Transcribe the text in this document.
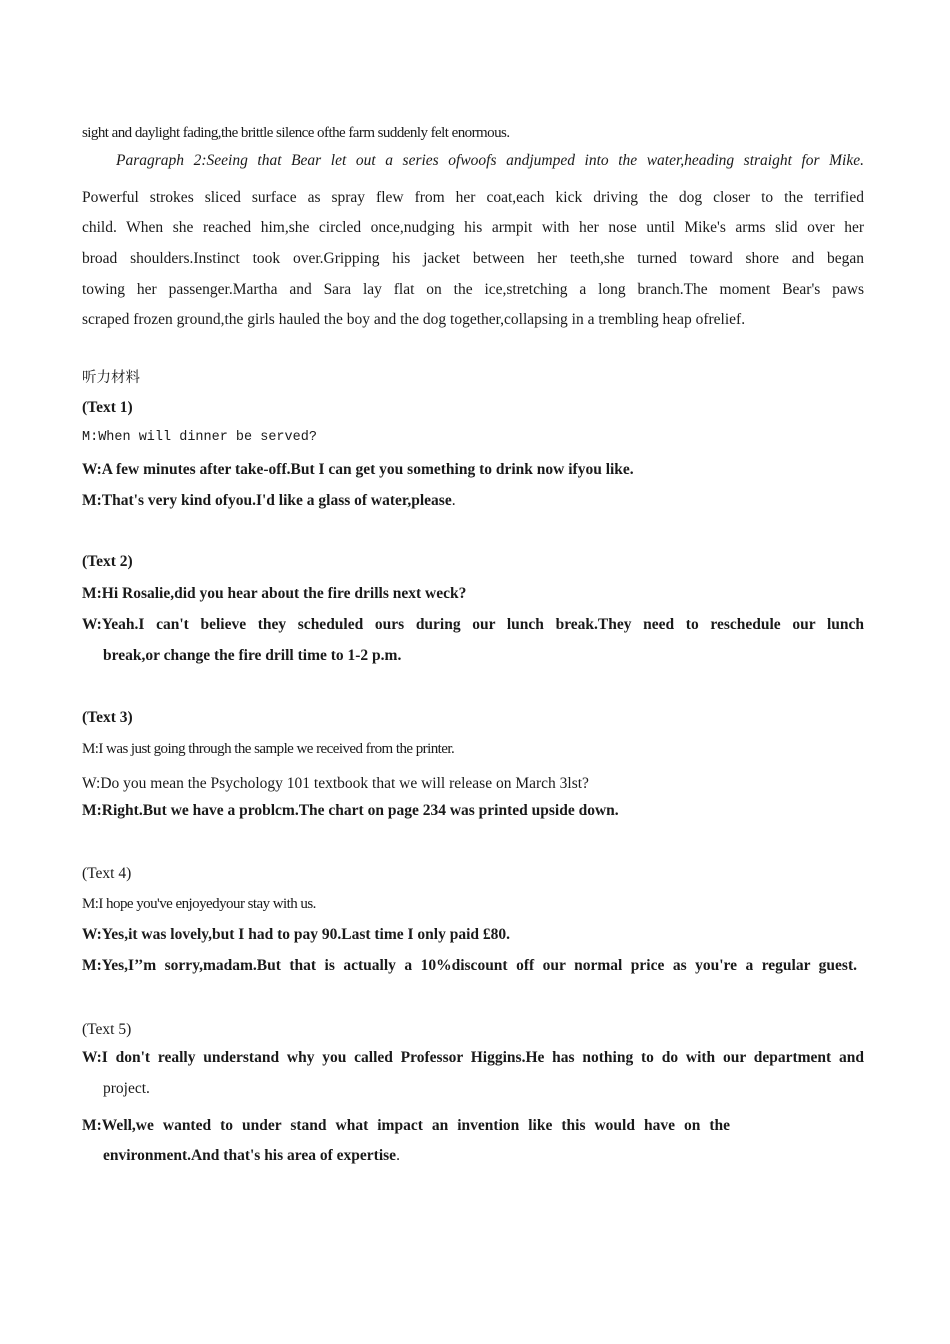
sight and daylight fading,the brittle silence ofthe farm suddenly felt enormous.
Paragraph 2:Seeing that Bear let out a series ofwoofs andjumped into the water,heading straight for Mike.
Powerful strokes sliced surface as spray flew from her coat,each kick driving the dog closer to the terrified
child. When she reached him,she circled once,nudging his armpit with her nose until Mike's arms slid over her
broad shoulders.Instinct took over.Gripping his jacket between her teeth,she turned toward shore and began
towing her passenger.Martha and Sara lay flat on the ice,stretching a long branch.The moment Bear's paws
scraped frozen ground,the girls hauled the boy and the dog together,collapsing in a trembling heap ofrelief.
听力材料
(Text 1)
M:When will dinner be served?
W:A few minutes after take-off.But I can get you something to drink now ifyou like.
M:That's very kind ofyou.I'd like a glass of water,please.
(Text 2)
M:Hi Rosalie,did you hear about the fire drills next weck?
W:Yeah.I can't believe they scheduled ours during our lunch break.They need to reschedule our lunch
break,or change the fire drill time to 1-2 p.m.
(Text 3)
M:I was just going through the sample we received from the printer.
W:Do you mean the Psychology 101 textbook that we will release on March 3lst?
M:Right.But we have a problcm.The chart on page 234 was printed upside down.
(Text 4)
M:I hope you've enjoyedyour stay with us.
W:Yes,it was lovely,but I had to pay 90.Last time I only paid £80.
M:Yes,I’’m sorry,madam.But that is actually a 10%discount off our normal price as you're a regular guest.
(Text 5)
W:I don't really understand why you called Professor Higgins.He has nothing to do with our department and
project.
M:Well,we wanted to under stand what impact an invention like this would have on the
environment.And that's his area of expertise.
